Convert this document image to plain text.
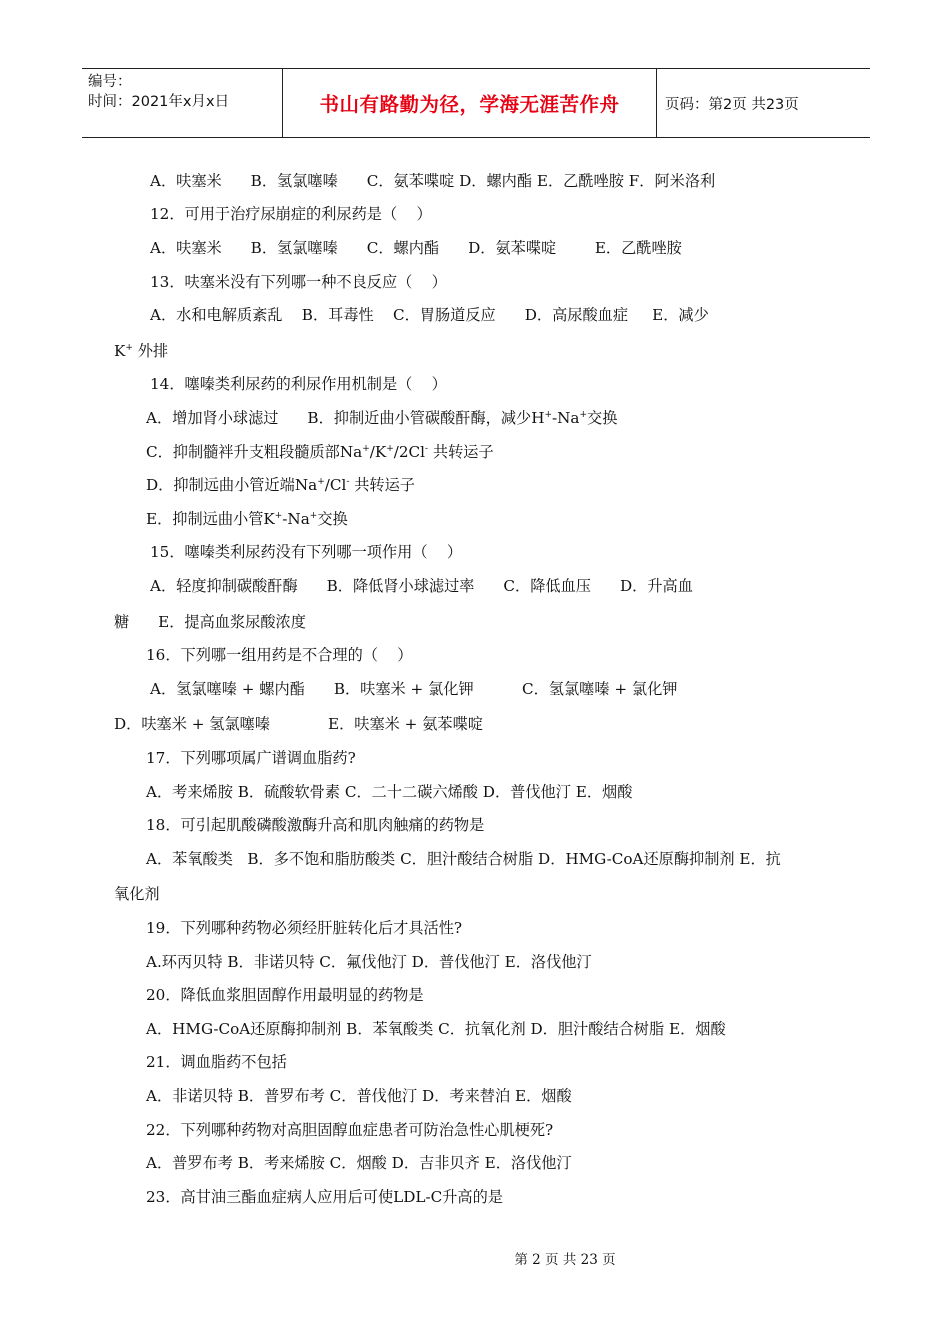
编号：
时间：2021年x月x日	书山有路勤为径，学海无涯苦作舟	页码：第2页 共23页
A．呋塞米      B．氢氯噻嗪      C．氨苯喋啶 D．螺内酯 E．乙酰唑胺 F．阿米洛利
12．可用于治疗尿崩症的利尿药是（    ）
A．呋塞米      B．氢氯噻嗪      C．螺内酯      D．氨苯喋啶        E．乙酰唑胺
13．呋塞米没有下列哪一种不良反应（    ）
A．水和电解质紊乱    B．耳毒性    C．胃肠道反应      D．高尿酸血症     E．减少
K+ 外排
14．噻嗪类利尿药的利尿作用机制是（    ）
A．增加肾小球滤过      B．抑制近曲小管碳酸酐酶，减少H+-Na+交换
C．抑制髓袢升支粗段髓质部Na+/K+/2Cl- 共转运子
D．抑制远曲小管近端Na+/Cl- 共转运子
E．抑制远曲小管K+-Na+交换
15．噻嗪类利尿药没有下列哪一项作用（    ）
A．轻度抑制碳酸酐酶      B．降低肾小球滤过率      C．降低血压      D．升高血
糖      E．提高血浆尿酸浓度
16．下列哪一组用药是不合理的（    ）
A．氢氯噻嗪 + 螺内酯      B．呋塞米 + 氯化钾          C．氢氯噻嗪 + 氯化钾
D．呋塞米 + 氢氯噻嗪            E．呋塞米 + 氨苯喋啶
17．下列哪项属广谱调血脂药?
A．考来烯胺 B．硫酸软骨素 C．二十二碳六烯酸 D．普伐他汀 E．烟酸
18．可引起肌酸磷酸激酶升高和肌肉触痛的药物是
A．苯氧酸类   B．多不饱和脂肪酸类 C．胆汁酸结合树脂 D．HMG-CoA还原酶抑制剂 E．抗
氧化剂
19．下列哪种药物必须经肝脏转化后才具活性?
A.环丙贝特 B．非诺贝特 C．氟伐他汀 D．普伐他汀 E．洛伐他汀
20．降低血浆胆固醇作用最明显的药物是
A．HMG-CoA还原酶抑制剂 B．苯氧酸类 C．抗氧化剂 D．胆汁酸结合树脂 E．烟酸
21．调血脂药不包括
A．非诺贝特 B．普罗布考 C．普伐他汀 D．考来替泊 E．烟酸
22．下列哪种药物对高胆固醇血症患者可防治急性心肌梗死?
A．普罗布考 B．考来烯胺 C．烟酸 D．吉非贝齐 E．洛伐他汀
23．高甘油三酯血症病人应用后可使LDL-C升高的是
第 2 页 共 23 页
